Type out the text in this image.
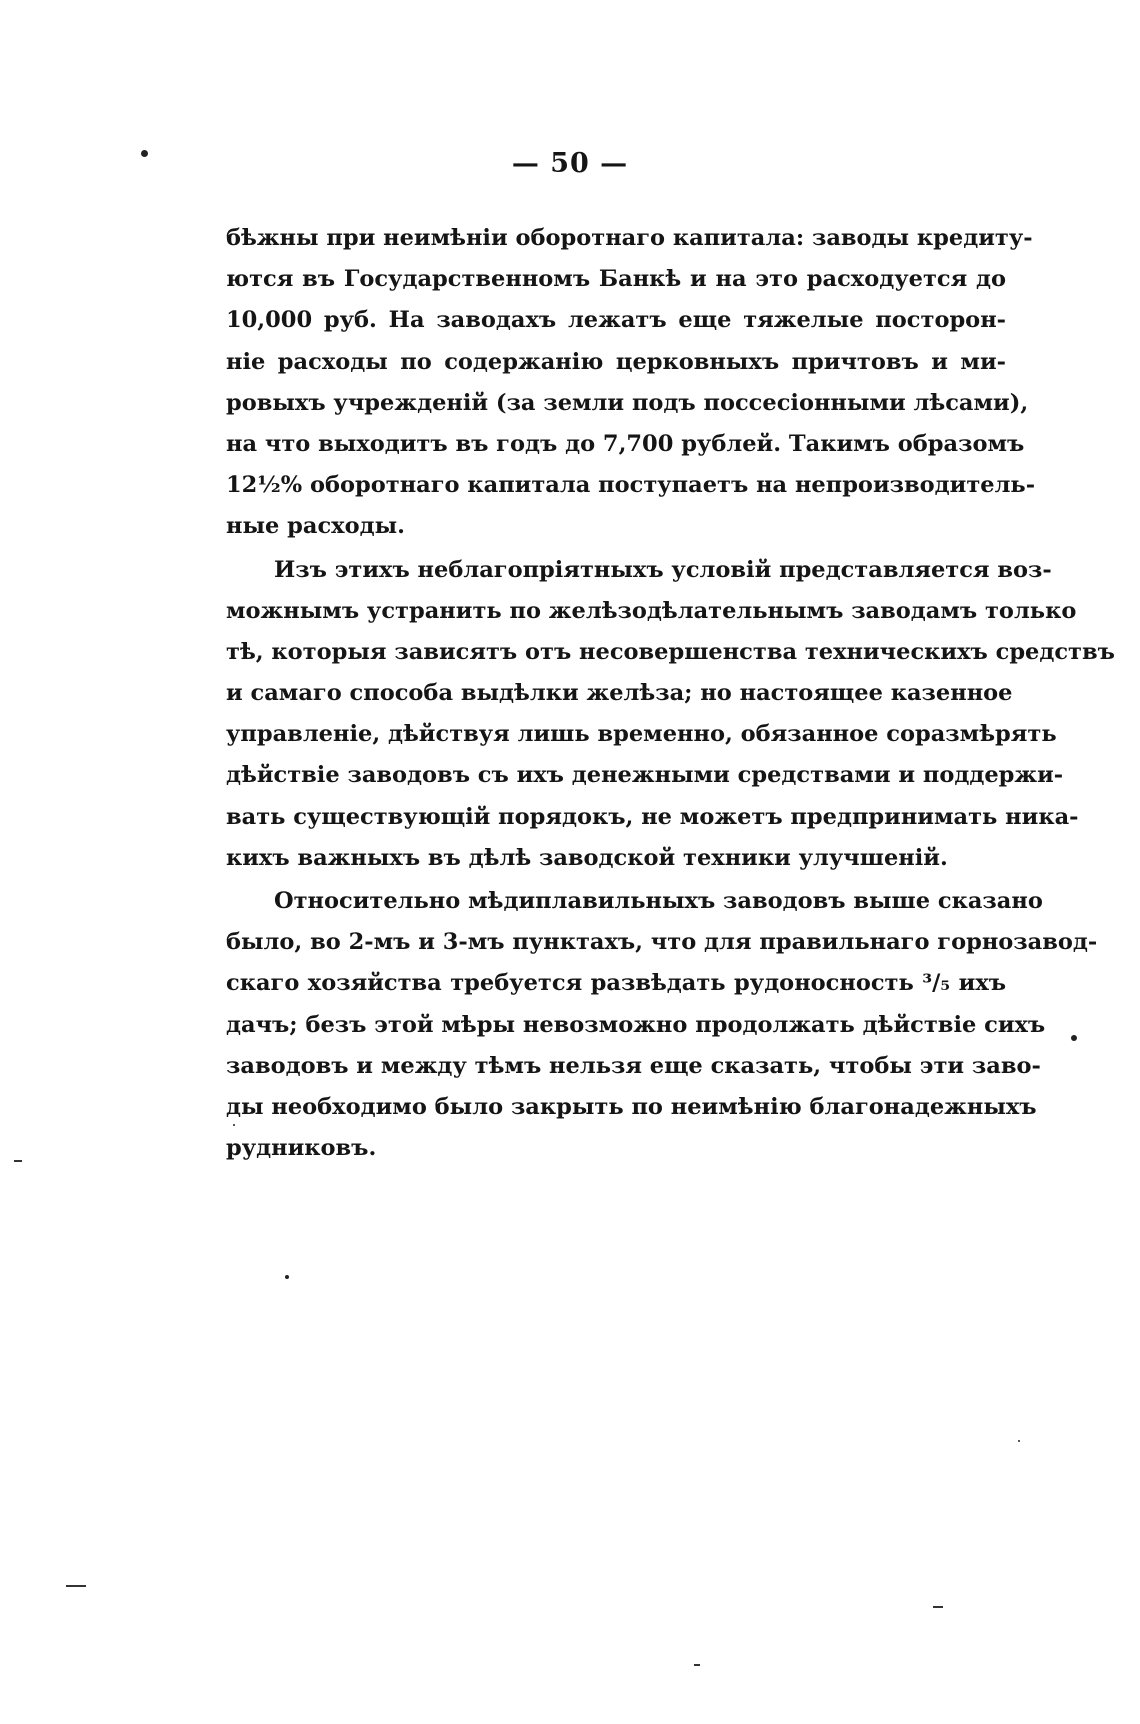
— 50 —
бѣжны при неимѣніи оборотнаго капитала: заводы кредиту-
ются въ Государственномъ Банкѣ и на это расходуется до
10,000 руб. На заводахъ лежатъ еще тяжелые посторон-
ніе расходы по содержанію церковныхъ причтовъ и ми-
ровыхъ учрежденій (за земли подъ поссесіонными лѣсами),
на что выходитъ въ годъ до 7,700 рублей. Такимъ образомъ
12½% оборотнаго капитала поступаетъ на непроизводитель-
ные расходы.
Изъ этихъ неблагопріятныхъ условій представляется воз-
можнымъ устранить по желѣзодѣлательнымъ заводамъ только
тѣ, которыя зависятъ отъ несовершенства техническихъ средствъ
и самаго способа выдѣлки желѣза; но настоящее казенное
управленіе, дѣйствуя лишь временно, обязанное соразмѣрять
дѣйствіе заводовъ съ ихъ денежными средствами и поддержи-
вать существующій порядокъ, не можетъ предпринимать ника-
кихъ важныхъ въ дѣлѣ заводской техники улучшеній.
Относительно мѣдиплавильныхъ заводовъ выше сказано
было, во 2-мъ и 3-мъ пунктахъ, что для правильнаго горнозавод-
скаго хозяйства требуется развѣдать рудоносность ³/₅ ихъ
дачъ; безъ этой мѣры невозможно продолжать дѣйствіе сихъ
заводовъ и между тѣмъ нельзя еще сказать, чтобы эти заво-
ды необходимо было закрыть по неимѣнію благонадежныхъ
рудниковъ.
